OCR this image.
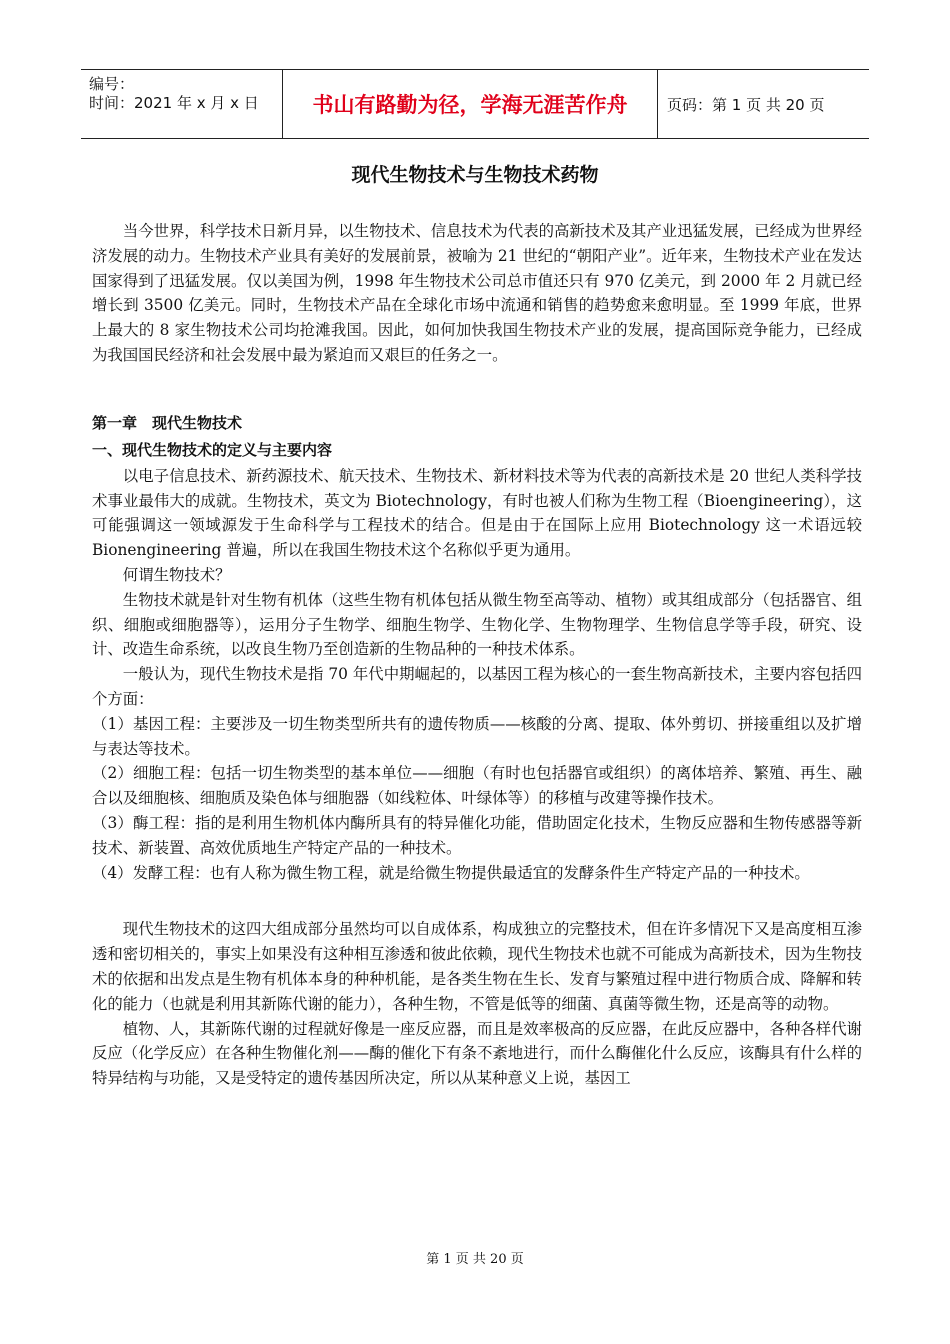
编号：
时间：2021 年 x 月 x 日	书山有路勤为径，学海无涯苦作舟	页码：第 1 页 共 20 页
现代生物技术与生物技术药物

当今世界，科学技术日新月异，以生物技术、信息技术为代表的高新技术及其产业迅猛发展，已经成为世界经济发展的动力。生物技术产业具有美好的发展前景，被喻为 21 世纪的“朝阳产业”。近年来，生物技术产业在发达国家得到了迅猛发展。仅以美国为例，1998 年生物技术公司总市值还只有 970 亿美元，到 2000 年 2 月就已经增长到 3500 亿美元。同时，生物技术产品在全球化市场中流通和销售的趋势愈来愈明显。至 1999 年底，世界上最大的 8 家生物技术公司均抢滩我国。因此，如何加快我国生物技术产业的发展，提高国际竞争能力，已经成为我国国民经济和社会发展中最为紧迫而又艰巨的任务之一。

第一章　现代生物技术

一、现代生物技术的定义与主要内容

以电子信息技术、新药源技术、航天技术、生物技术、新材料技术等为代表的高新技术是 20 世纪人类科学技术事业最伟大的成就。生物技术，英文为 Biotechnology，有时也被人们称为生物工程（Bioengineering），这可能强调这一领域源发于生命科学与工程技术的结合。但是由于在国际上应用 Biotechnology 这一术语远较 Bionengineering 普遍，所以在我国生物技术这个名称似乎更为通用。

何谓生物技术？

生物技术就是针对生物有机体（这些生物有机体包括从微生物至高等动、植物）或其组成部分（包括器官、组织、细胞或细胞器等），运用分子生物学、细胞生物学、生物化学、生物物理学、生物信息学等手段，研究、设计、改造生命系统，以改良生物乃至创造新的生物品种的一种技术体系。

一般认为，现代生物技术是指 70 年代中期崛起的，以基因工程为核心的一套生物高新技术，主要内容包括四个方面：

（1）基因工程：主要涉及一切生物类型所共有的遗传物质——核酸的分离、提取、体外剪切、拼接重组以及扩增与表达等技术。

（2）细胞工程：包括一切生物类型的基本单位——细胞（有时也包括器官或组织）的离体培养、繁殖、再生、融合以及细胞核、细胞质及染色体与细胞器（如线粒体、叶绿体等）的移植与改建等操作技术。

（3）酶工程：指的是利用生物机体内酶所具有的特异催化功能，借助固定化技术，生物反应器和生物传感器等新技术、新装置、高效优质地生产特定产品的一种技术。

（4）发酵工程：也有人称为微生物工程，就是给微生物提供最适宜的发酵条件生产特定产品的一种技术。

现代生物技术的这四大组成部分虽然均可以自成体系，构成独立的完整技术，但在许多情况下又是高度相互渗透和密切相关的，事实上如果没有这种相互渗透和彼此依赖，现代生物技术也就不可能成为高新技术，因为生物技术的依据和出发点是生物有机体本身的种种机能，是各类生物在生长、发育与繁殖过程中进行物质合成、降解和转化的能力（也就是利用其新陈代谢的能力），各种生物，不管是低等的细菌、真菌等微生物，还是高等的动物。

植物、人，其新陈代谢的过程就好像是一座反应器，而且是效率极高的反应器，在此反应器中，各种各样代谢反应（化学反应）在各种生物催化剂——酶的催化下有条不紊地进行，而什么酶催化什么反应，该酶具有什么样的特异结构与功能，又是受特定的遗传基因所决定，所以从某种意义上说，基因工

第 1 页 共 20 页
